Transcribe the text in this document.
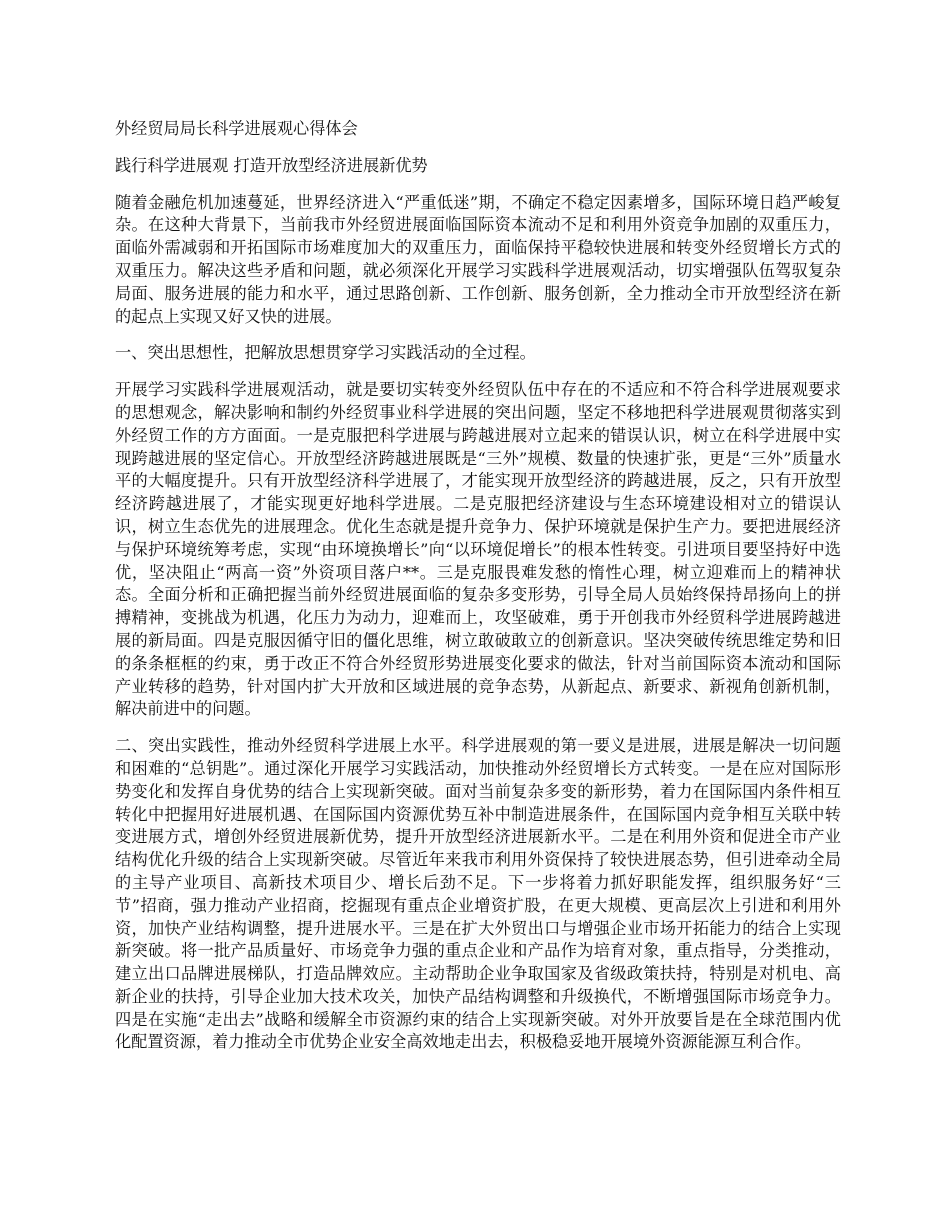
外经贸局局长科学进展观心得体会
践行科学进展观 打造开放型经济进展新优势
随着金融危机加速蔓延，世界经济进入“严重低迷”期，不确定不稳定因素增多，国际环境日趋严峻复杂。在这种大背景下，当前我市外经贸进展面临国际资本流动不足和利用外资竞争加剧的双重压力，面临外需减弱和开拓国际市场难度加大的双重压力，面临保持平稳较快进展和转变外经贸增长方式的双重压力。解决这些矛盾和问题，就必须深化开展学习实践科学进展观活动，切实增强队伍驾驭复杂局面、服务进展的能力和水平，通过思路创新、工作创新、服务创新，全力推动全市开放型经济在新的起点上实现又好又快的进展。
一、突出思想性，把解放思想贯穿学习实践活动的全过程。
开展学习实践科学进展观活动，就是要切实转变外经贸队伍中存在的不适应和不符合科学进展观要求的思想观念，解决影响和制约外经贸事业科学进展的突出问题，坚定不移地把科学进展观贯彻落实到外经贸工作的方方面面。一是克服把科学进展与跨越进展对立起来的错误认识，树立在科学进展中实现跨越进展的坚定信心。开放型经济跨越进展既是“三外”规模、数量的快速扩张，更是“三外”质量水平的大幅度提升。只有开放型经济科学进展了，才能实现开放型经济的跨越进展，反之，只有开放型经济跨越进展了，才能实现更好地科学进展。二是克服把经济建设与生态环境建设相对立的错误认识，树立生态优先的进展理念。优化生态就是提升竞争力、保护环境就是保护生产力。要把进展经济与保护环境统筹考虑，实现“由环境换增长”向“以环境促增长”的根本性转变。引进项目要坚持好中选优，坚决阻止“两高一资”外资项目落户**。三是克服畏难发愁的惰性心理，树立迎难而上的精神状态。全面分析和正确把握当前外经贸进展面临的复杂多变形势，引导全局人员始终保持昂扬向上的拼搏精神，变挑战为机遇，化压力为动力，迎难而上，攻坚破难，勇于开创我市外经贸科学进展跨越进展的新局面。四是克服因循守旧的僵化思维，树立敢破敢立的创新意识。坚决突破传统思维定势和旧的条条框框的约束，勇于改正不符合外经贸形势进展变化要求的做法，针对当前国际资本流动和国际产业转移的趋势，针对国内扩大开放和区域进展的竞争态势，从新起点、新要求、新视角创新机制，解决前进中的问题。
二、突出实践性，推动外经贸科学进展上水平。科学进展观的第一要义是进展，进展是解决一切问题和困难的“总钥匙”。通过深化开展学习实践活动，加快推动外经贸增长方式转变。一是在应对国际形势变化和发挥自身优势的结合上实现新突破。面对当前复杂多变的新形势，着力在国际国内条件相互转化中把握用好进展机遇、在国际国内资源优势互补中制造进展条件，在国际国内竞争相互关联中转变进展方式，增创外经贸进展新优势，提升开放型经济进展新水平。二是在利用外资和促进全市产业结构优化升级的结合上实现新突破。尽管近年来我市利用外资保持了较快进展态势，但引进牵动全局的主导产业项目、高新技术项目少、增长后劲不足。下一步将着力抓好职能发挥，组织服务好“三节”招商，强力推动产业招商，挖掘现有重点企业增资扩股，在更大规模、更高层次上引进和利用外资，加快产业结构调整，提升进展水平。三是在扩大外贸出口与增强企业市场开拓能力的结合上实现新突破。将一批产品质量好、市场竞争力强的重点企业和产品作为培育对象，重点指导，分类推动，建立出口品牌进展梯队，打造品牌效应。主动帮助企业争取国家及省级政策扶持，特别是对机电、高新企业的扶持，引导企业加大技术攻关，加快产品结构调整和升级换代，不断增强国际市场竞争力。四是在实施“走出去”战略和缓解全市资源约束的结合上实现新突破。对外开放要旨是在全球范围内优化配置资源，着力推动全市优势企业安全高效地走出去，积极稳妥地开展境外资源能源互利合作。
